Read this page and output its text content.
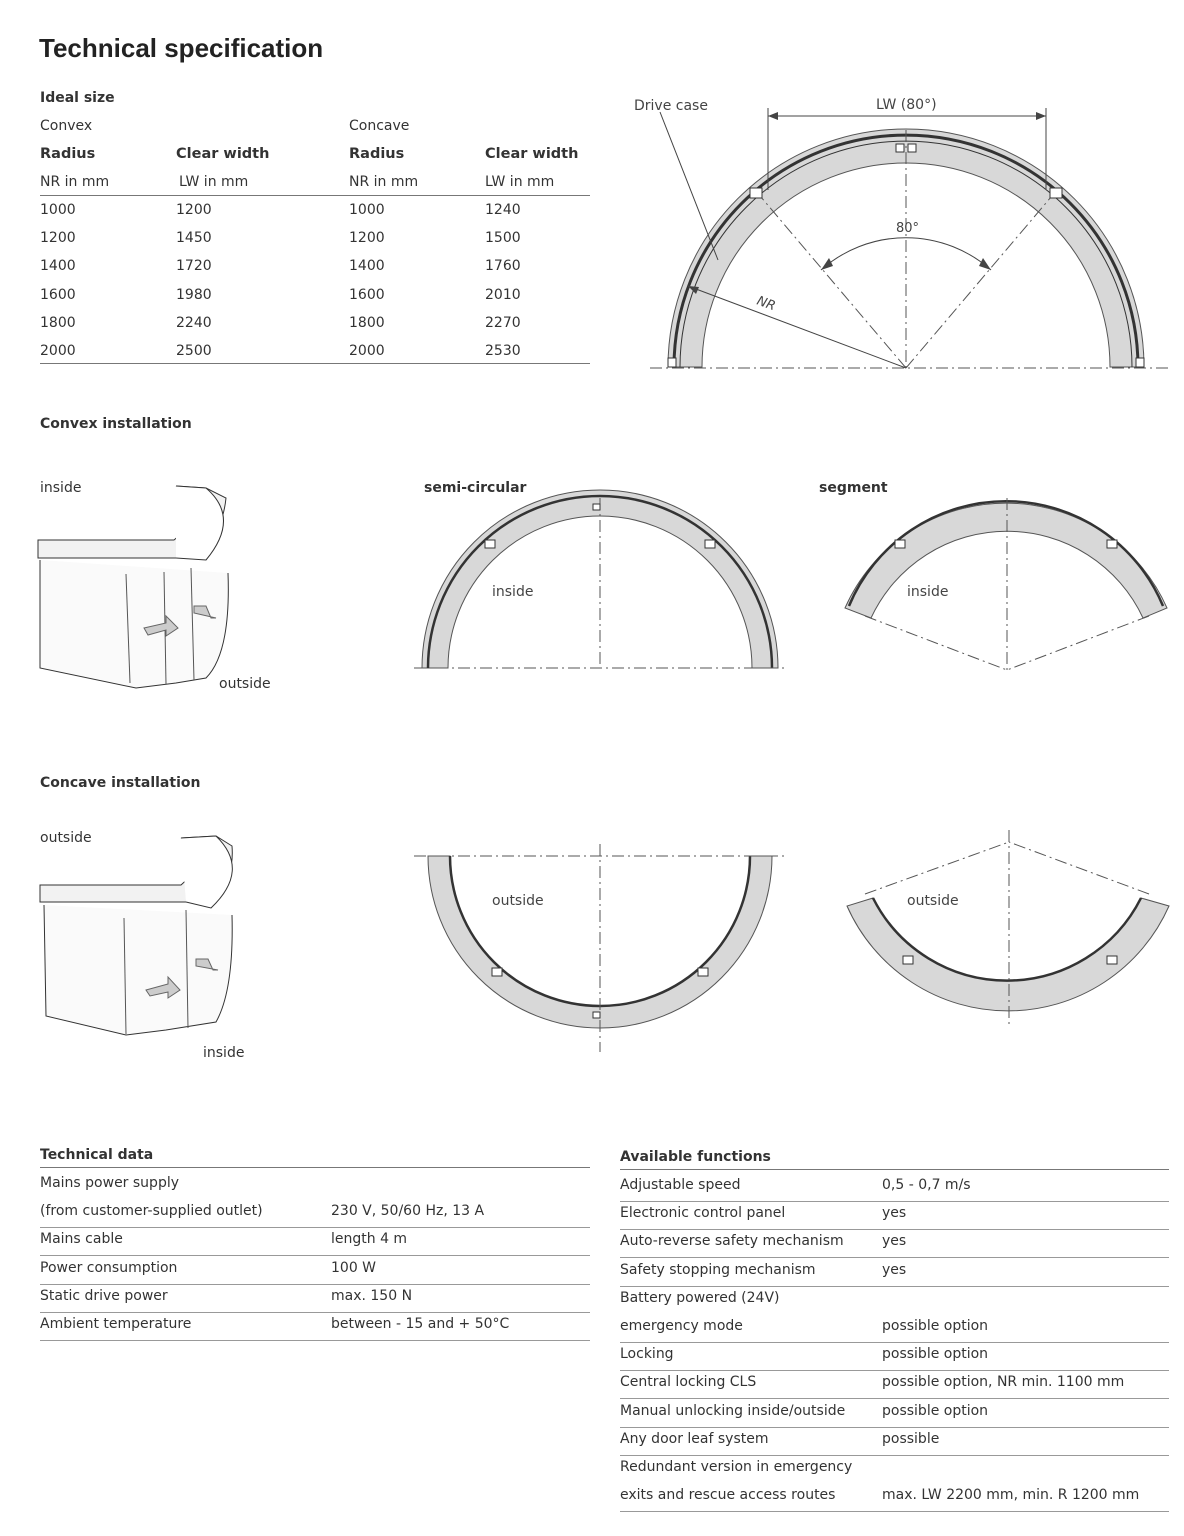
Technical specification
Ideal size
Convex	Concave
Radius	Clear width	Radius	Clear width
NR in mm	LW in mm	NR in mm	LW in mm
1000	1200	1000	1240
1200	1450	1200	1500
1400	1720	1400	1760
1600	1980	1600	2010
1800	2240	1800	2270
2000	2500	2000	2530
Drive case	LW (80°)
80°
NR
Convex installation
inside
outside
semi-circular	segment
inside	inside
Concave installation
outside
inside
outside	outside
Technical data
Mains power supply
(from customer-supplied outlet)	230 V, 50/60 Hz, 13 A
Mains cable	length 4 m
Power consumption	100 W
Static drive power	max. 150 N
Ambient temperature	between - 15 and + 50°C
Available functions
Adjustable speed	0,5 - 0,7 m/s
Electronic control panel	yes
Auto-reverse safety mechanism	yes
Safety stopping mechanism	yes
Battery powered (24V)
emergency mode	possible option
Locking	possible option
Central locking CLS	possible option, NR min. 1100 mm
Manual unlocking inside/outside	possible option
Any door leaf system	possible
Redundant version in emergency
exits and rescue access routes	max. LW 2200 mm, min. R 1200 mm
